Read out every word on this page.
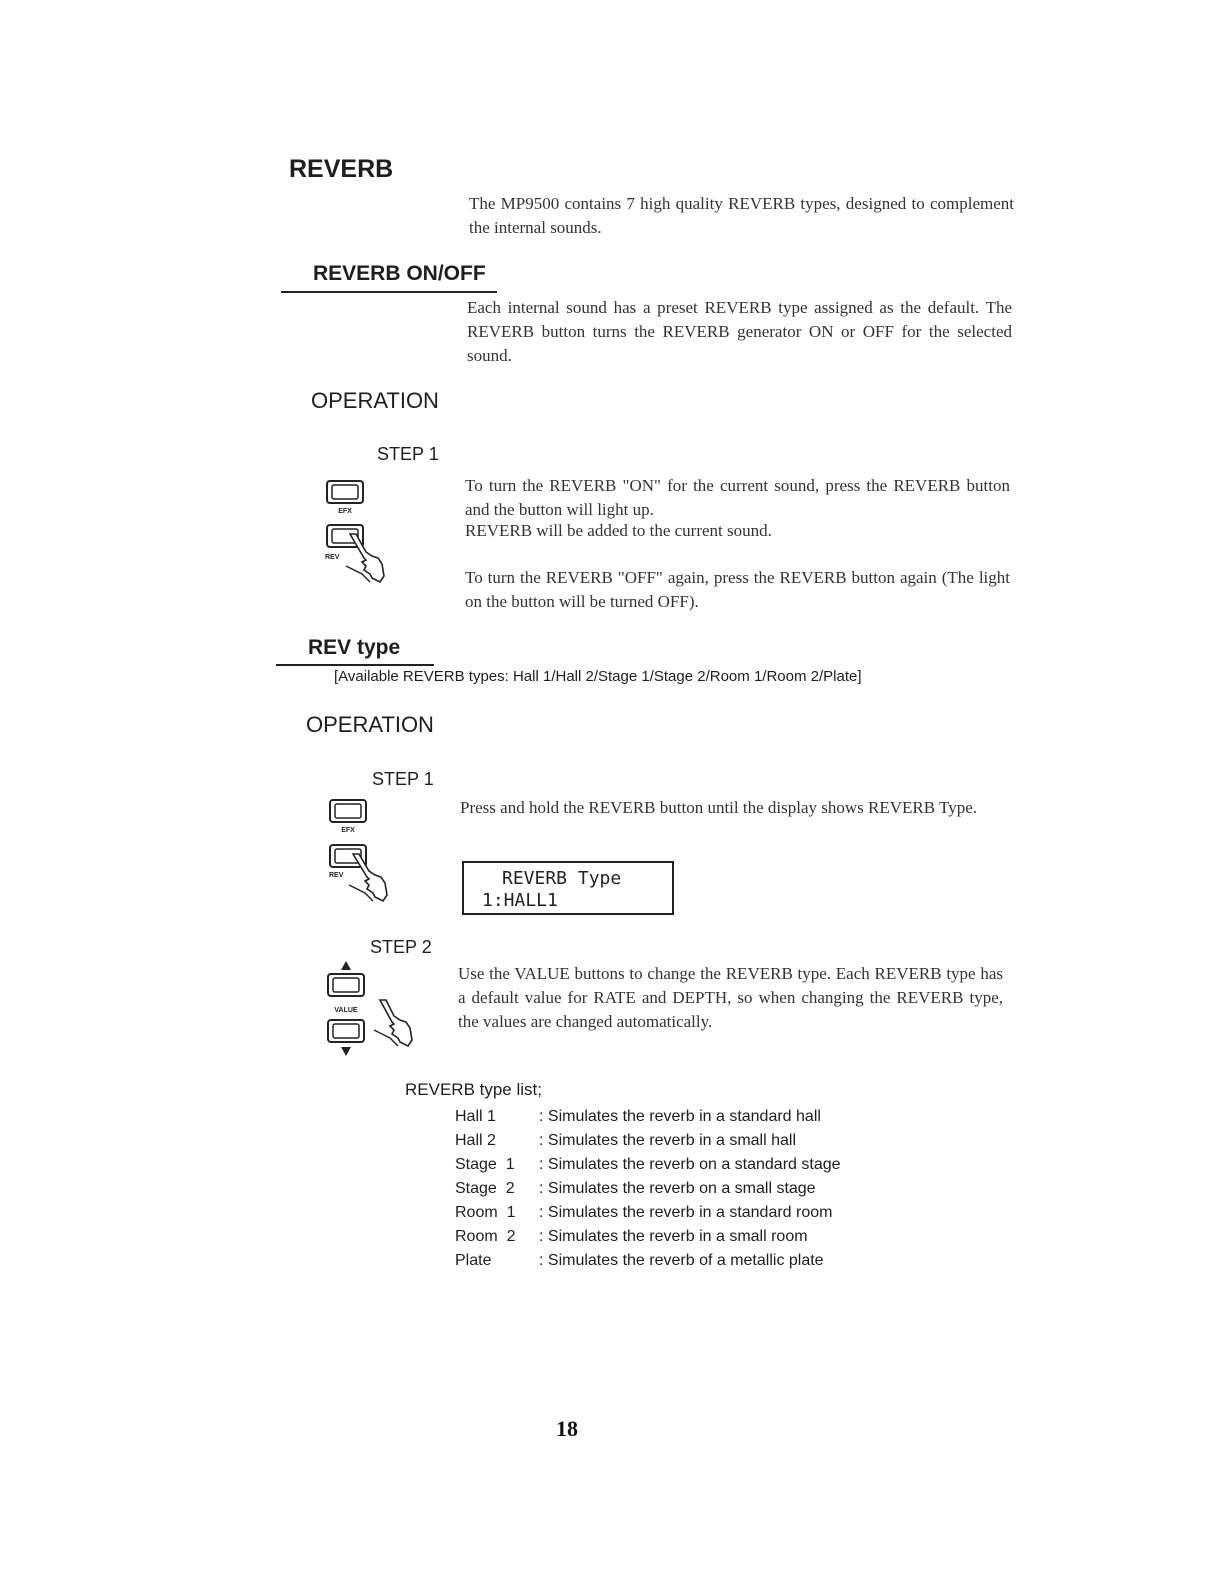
REVERB
The MP9500 contains 7 high quality REVERB types, designed to complement the internal sounds.
REVERB ON/OFF
Each internal sound has a preset REVERB type assigned as the default. The REVERB button turns the REVERB generator ON or OFF for the selected sound.
OPERATION
STEP 1
EFX
REV
To turn the REVERB "ON" for the current sound, press the REVERB button and the button will light up.
REVERB will be added to the current sound.
To turn the REVERB "OFF" again, press the REVERB button again (The light on the button will be turned OFF).
REV type
[Available REVERB types: Hall 1/Hall 2/Stage 1/Stage 2/Room 1/Room 2/Plate]
OPERATION
STEP 1
EFX
REV
Press and hold the REVERB button until the display shows REVERB Type.
REVERB Type
1:HALL1
STEP 2
VALUE
Use the VALUE buttons to change the REVERB type. Each REVERB type has a default value for RATE and DEPTH, so when changing the REVERB type, the values are changed automatically.
REVERB type list;
Hall 1	: Simulates the reverb in a standard hall
Hall 2	: Simulates the reverb in a small hall
Stage  1 : Simulates the reverb on a standard stage
Stage  2 : Simulates the reverb on a small stage
Room  1 : Simulates the reverb in a standard room
Room  2 : Simulates the reverb in a small room
Plate	: Simulates the reverb of a metallic plate
18
